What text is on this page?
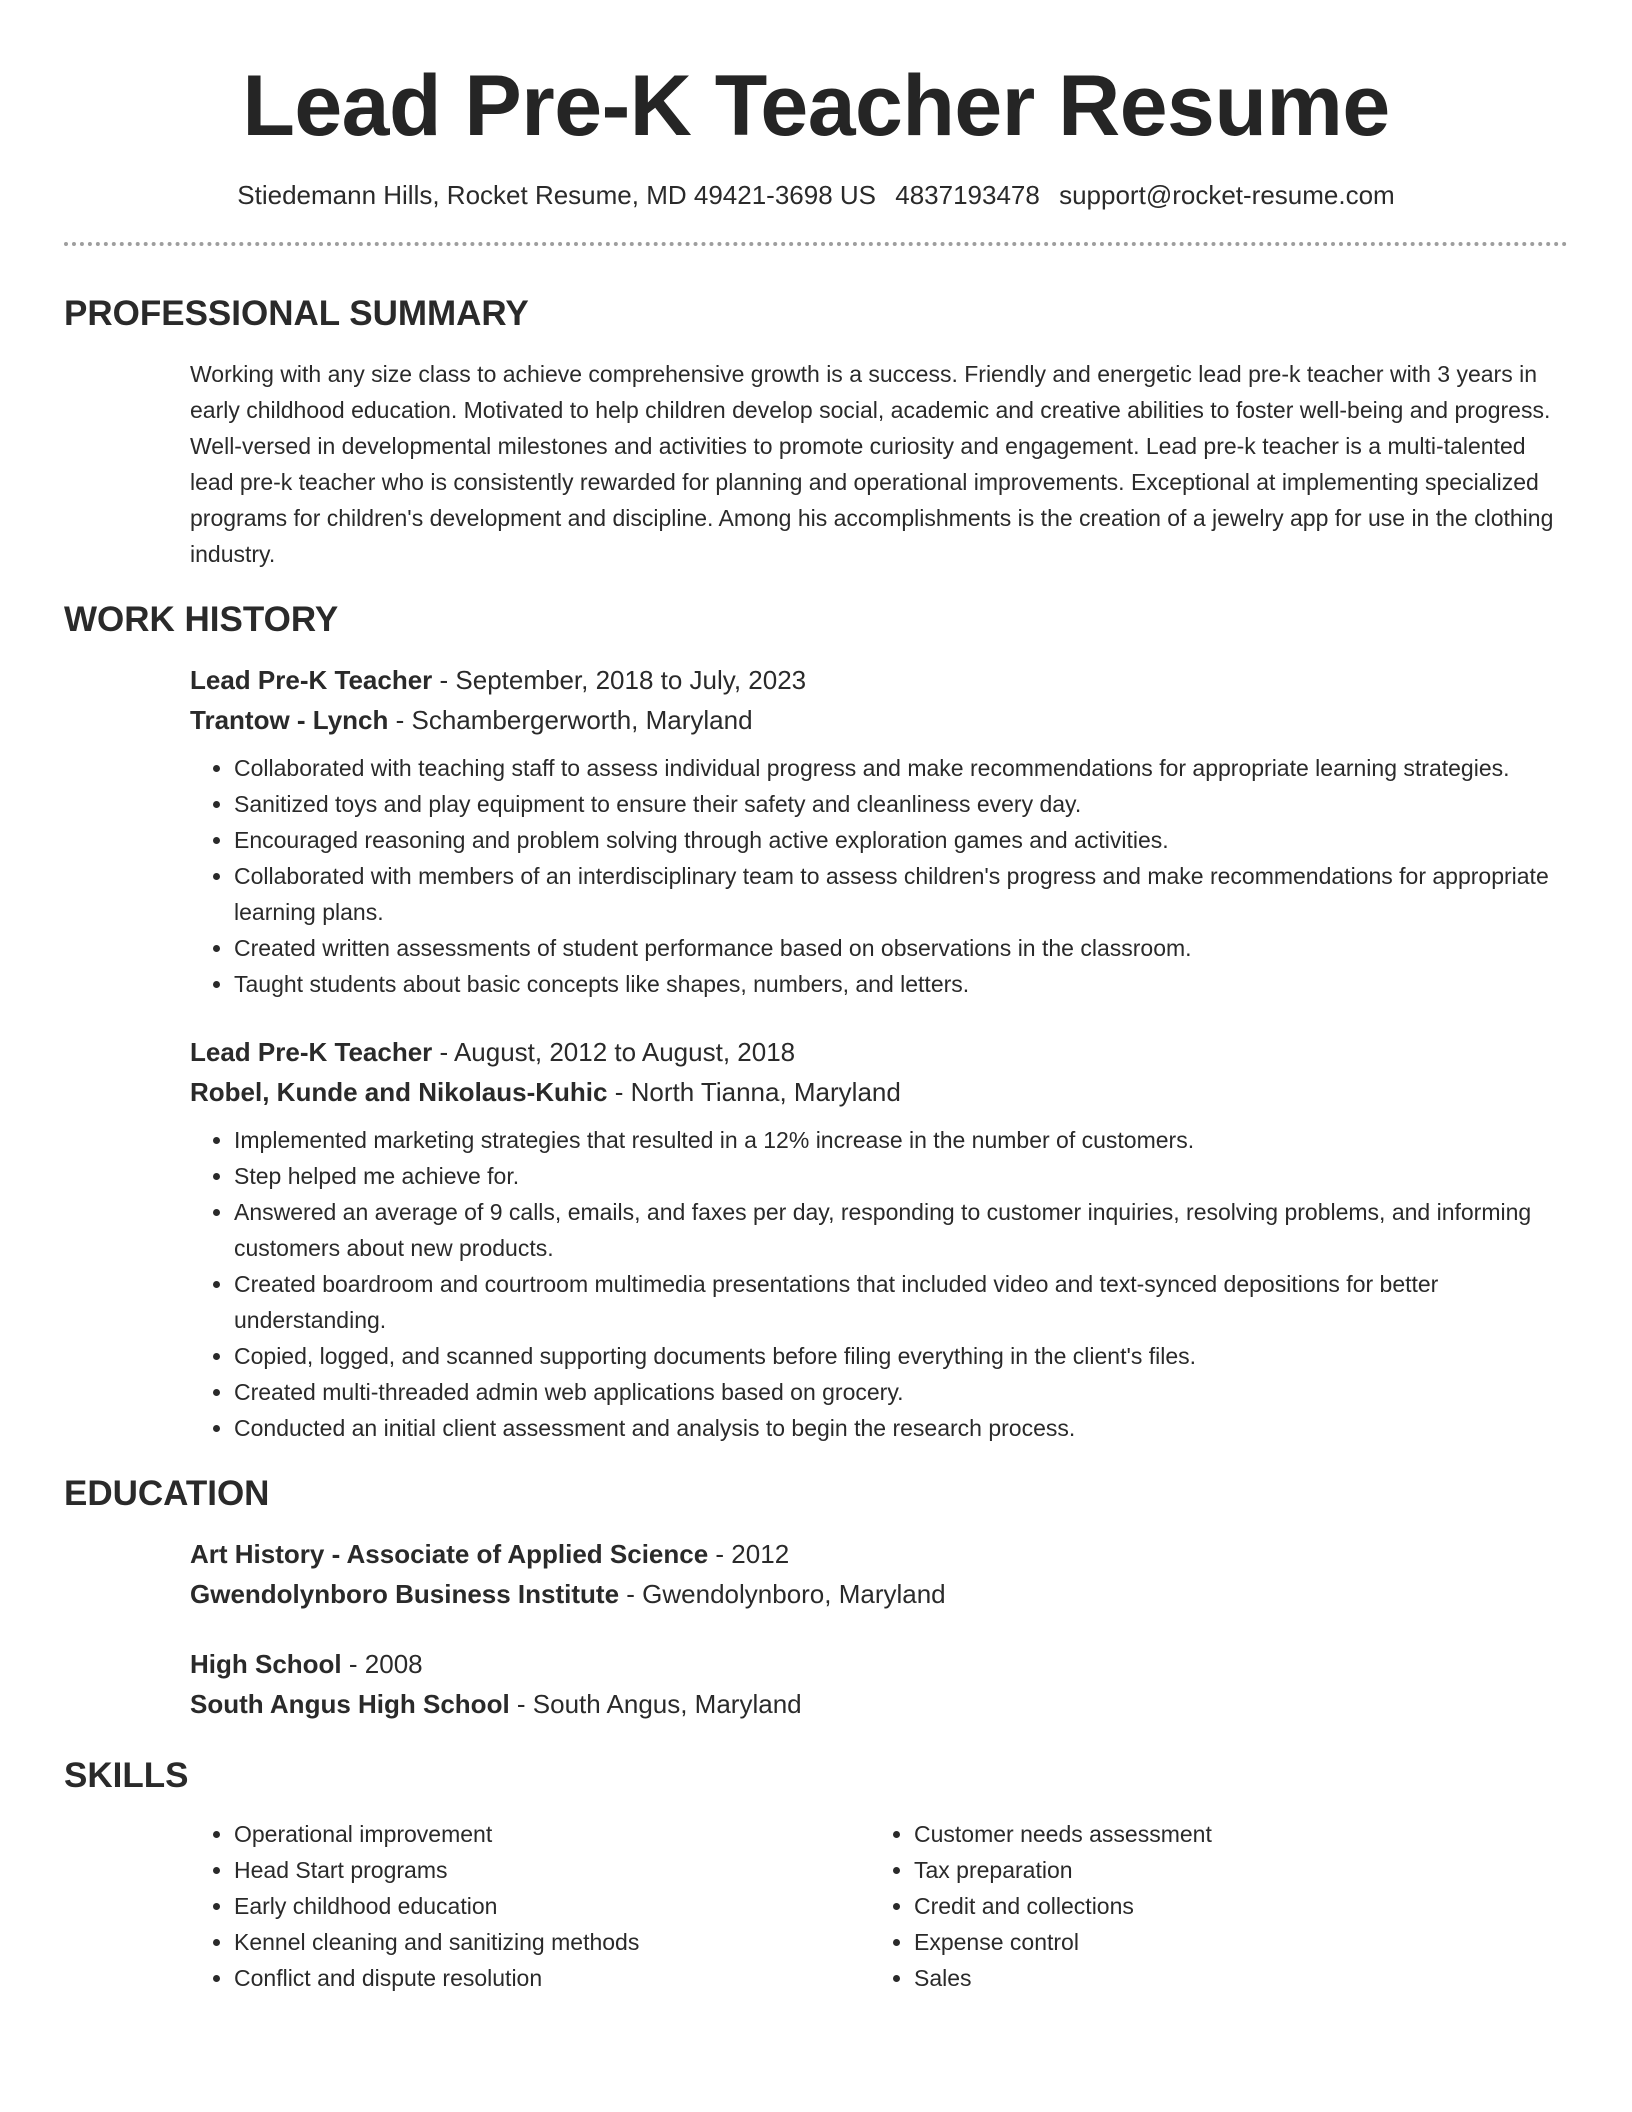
Lead Pre-K Teacher Resume
Stiedemann Hills, Rocket Resume, MD 49421-3698 US 4837193478 support@rocket-resume.com
PROFESSIONAL SUMMARY

Working with any size class to achieve comprehensive growth is a success. Friendly and energetic lead pre-k teacher with 3 years in early childhood education. Motivated to help children develop social, academic and creative abilities to foster well-being and progress. Well-versed in developmental milestones and activities to promote curiosity and engagement. Lead pre-k teacher is a multi-talented lead pre-k teacher who is consistently rewarded for planning and operational improvements. Exceptional at implementing specialized programs for children's development and discipline. Among his accomplishments is the creation of a jewelry app for use in the clothing industry.

WORK HISTORY
Lead Pre-K Teacher - September, 2018 to July, 2023
Trantow - Lynch - Schambergerworth, Maryland
• Collaborated with teaching staff to assess individual progress and make recommendations for appropriate learning strategies.
• Sanitized toys and play equipment to ensure their safety and cleanliness every day.
• Encouraged reasoning and problem solving through active exploration games and activities.
• Collaborated with members of an interdisciplinary team to assess children's progress and make recommendations for appropriate learning plans.
• Created written assessments of student performance based on observations in the classroom.
• Taught students about basic concepts like shapes, numbers, and letters.
Lead Pre-K Teacher - August, 2012 to August, 2018
Robel, Kunde and Nikolaus-Kuhic - North Tianna, Maryland
• Implemented marketing strategies that resulted in a 12% increase in the number of customers.
• Step helped me achieve for.
• Answered an average of 9 calls, emails, and faxes per day, responding to customer inquiries, resolving problems, and informing customers about new products.
• Created boardroom and courtroom multimedia presentations that included video and text-synced depositions for better understanding.
• Copied, logged, and scanned supporting documents before filing everything in the client's files.
• Created multi-threaded admin web applications based on grocery.
• Conducted an initial client assessment and analysis to begin the research process.
EDUCATION
Art History - Associate of Applied Science - 2012
Gwendolynboro Business Institute - Gwendolynboro, Maryland
High School - 2008
South Angus High School - South Angus, Maryland
SKILLS
• Operational improvement
• Head Start programs
• Early childhood education
• Kennel cleaning and sanitizing methods
• Conflict and dispute resolution
• Customer needs assessment
• Tax preparation
• Credit and collections
• Expense control
• Sales
